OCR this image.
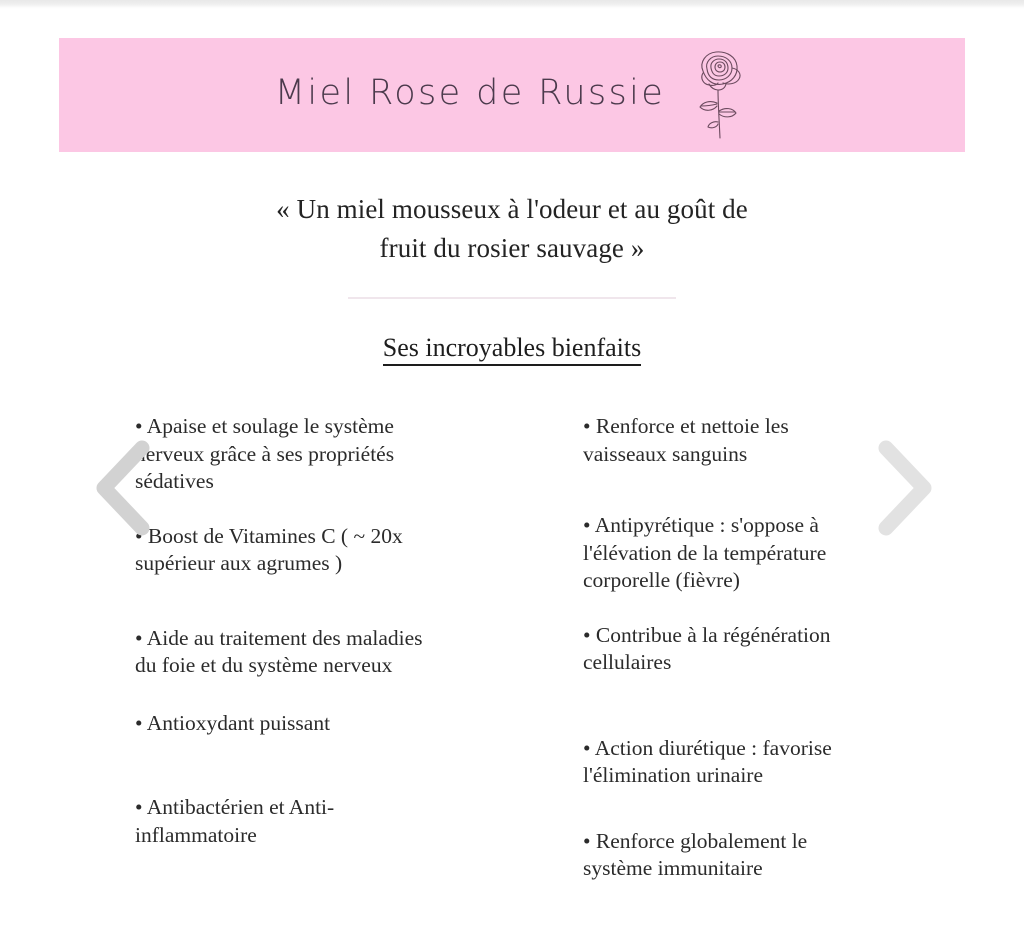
Miel Rose de Russie
« Un miel mousseux à l'odeur et au goût de
fruit du rosier sauvage »
Ses incroyables bienfaits
• Apaise et soulage le système nerveux grâce à ses propriétés sédatives
• Boost de Vitamines C ( ~ 20x supérieur aux agrumes )
• Aide au traitement des maladies du foie et du système nerveux
• Antioxydant puissant
• Antibactérien et Anti-inflammatoire
• Renforce et nettoie les vaisseaux sanguins
• Antipyrétique : s'oppose à l'élévation de la température corporelle (fièvre)
• Contribue à la régénération cellulaires
• Action diurétique : favorise l'élimination urinaire
• Renforce globalement le système immunitaire
